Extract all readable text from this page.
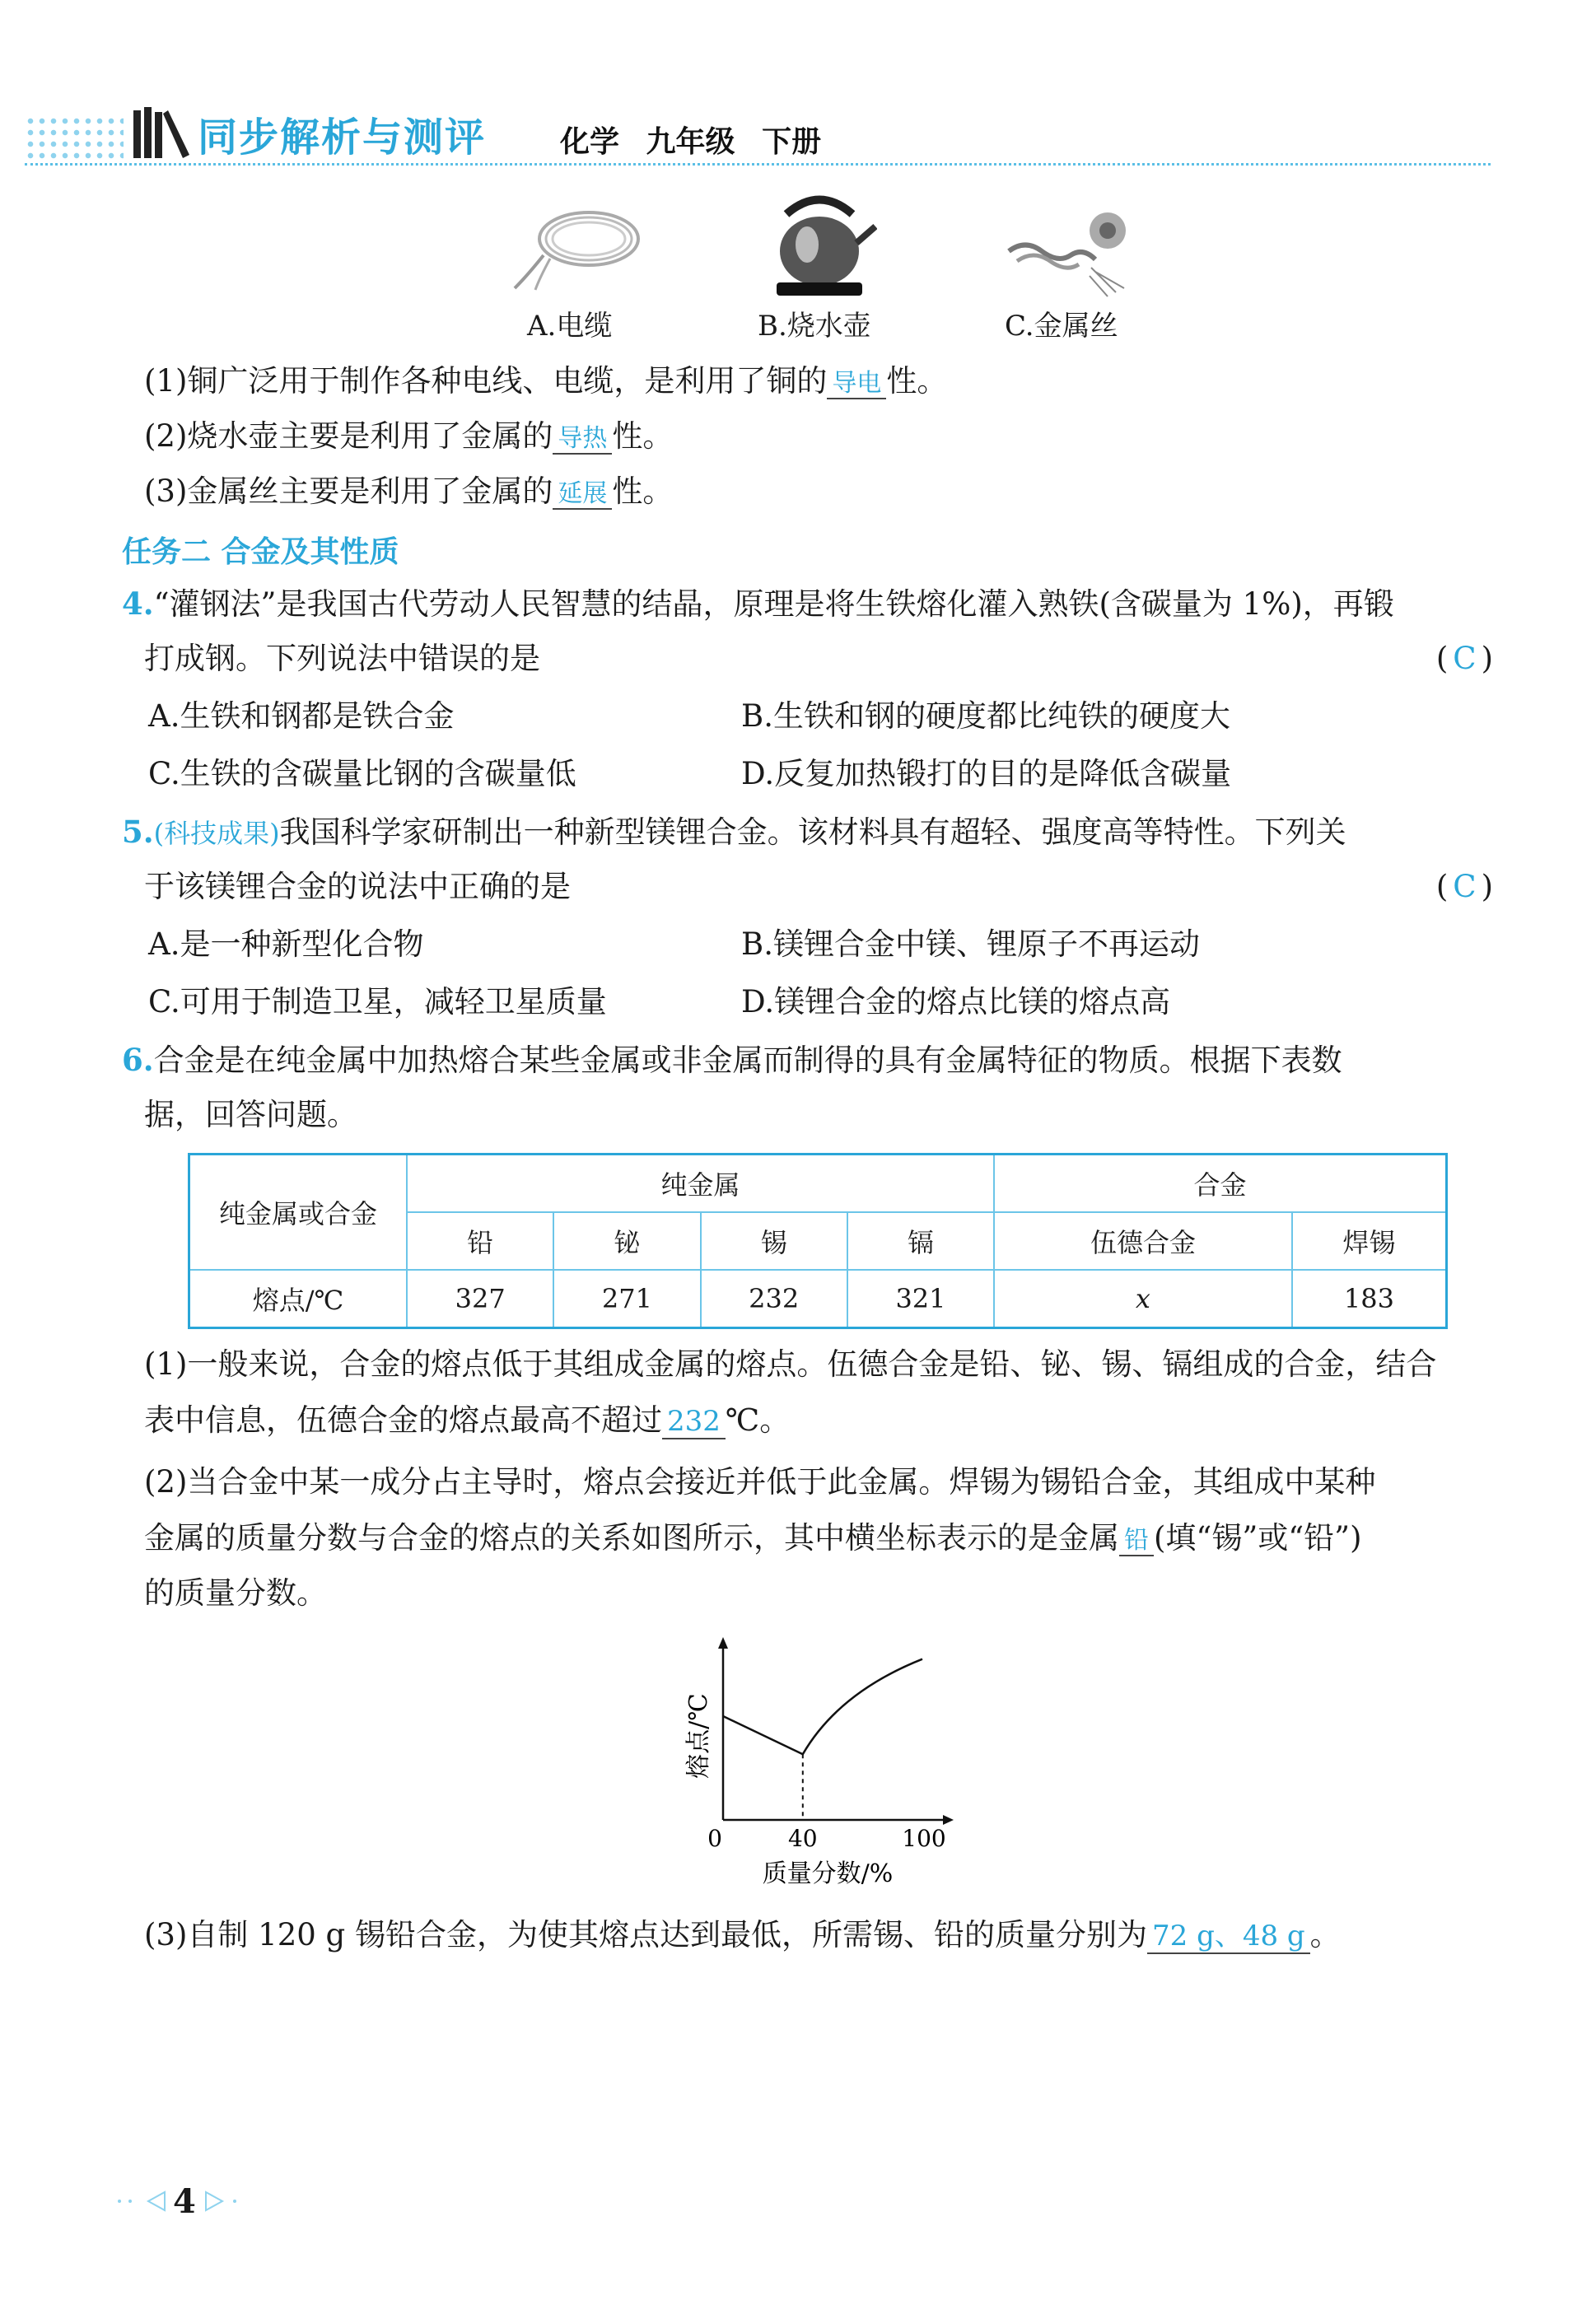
同步解析与测评 化学 九年级 下册
A.电缆	B.烧水壶	C.金属丝
(1)铜广泛用于制作各种电线、电缆，是利用了铜的 导电 性。
(2)烧水壶主要是利用了金属的 导热 性。
(3)金属丝主要是利用了金属的 延展 性。
任务二 合金及其性质
4.“灌钢法”是我国古代劳动人民智慧的结晶，原理是将生铁熔化灌入熟铁(含碳量为 1%)，再锻
打成钢。下列说法中错误的是	( C )
A.生铁和钢都是铁合金	B.生铁和钢的硬度都比纯铁的硬度大
C.生铁的含碳量比钢的含碳量低	D.反复加热锻打的目的是降低含碳量
5.(科技成果)我国科学家研制出一种新型镁锂合金。该材料具有超轻、强度高等特性。下列关
于该镁锂合金的说法中正确的是	( C )
A.是一种新型化合物	B.镁锂合金中镁、锂原子不再运动
C.可用于制造卫星，减轻卫星质量	D.镁锂合金的熔点比镁的熔点高
6.合金是在纯金属中加热熔合某些金属或非金属而制得的具有金属特征的物质。根据下表数
据，回答问题。
纯金属或合金	纯金属				合金	
	铅	铋	锡	镉	伍德合金	焊锡
熔点/℃	327	271	232	321	x	183
(1)一般来说，合金的熔点低于其组成金属的熔点。伍德合金是铅、铋、锡、镉组成的合金，结合
表中信息，伍德合金的熔点最高不超过 232 ℃。
(2)当合金中某一成分占主导时，熔点会接近并低于此金属。焊锡为锡铅合金，其组成中某种
金属的质量分数与合金的熔点的关系如图所示，其中横坐标表示的是金属 铅 (填“锡”或“铅”)
的质量分数。
0	40	100
质量分数/%
熔点/℃
(3)自制 120 g 锡铅合金，为使其熔点达到最低，所需锡、铅的质量分别为 72 g、48 g 。
4
